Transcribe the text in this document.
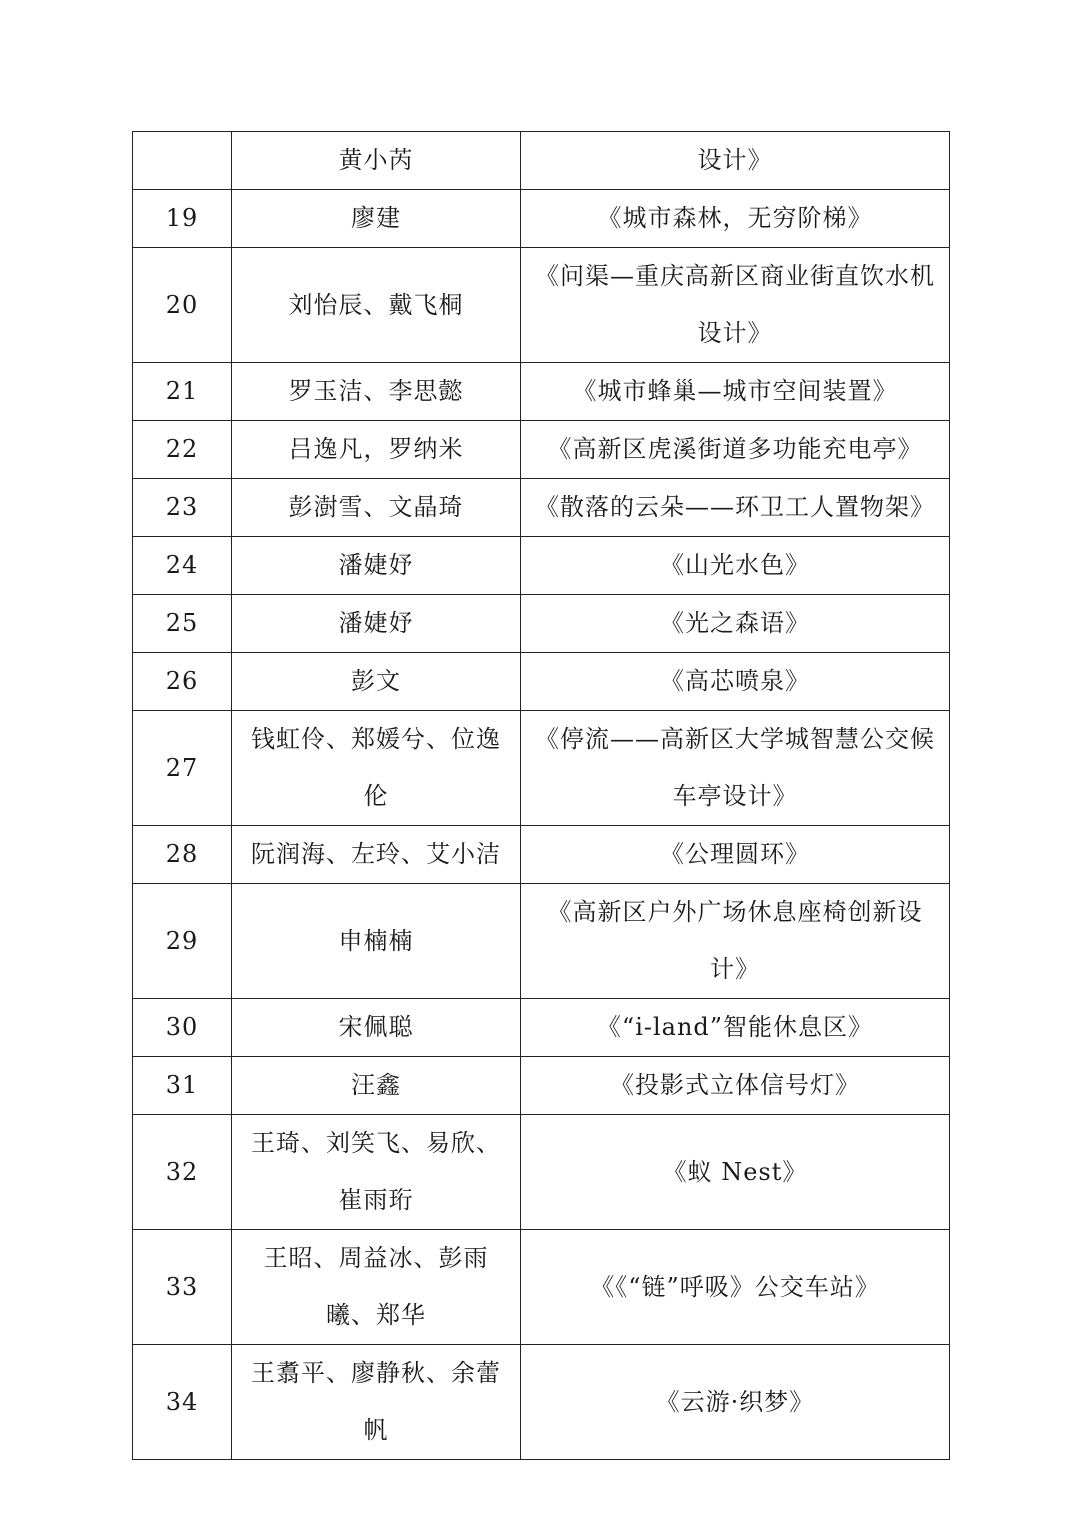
	黄小芮	设计》
19	廖建	《城市森林，无穷阶梯》
20	刘怡辰、戴飞桐	《问渠—重庆高新区商业街直饮水机设计》
21	罗玉洁、李思懿	《城市蜂巢—城市空间装置》
22	吕逸凡，罗纳米	《高新区虎溪街道多功能充电亭》
23	彭澍雪、文晶琦	《散落的云朵——环卫工人置物架》
24	潘婕妤	《山光水色》
25	潘婕妤	《光之森语》
26	彭文	《高芯喷泉》
27	钱虹伶、郑媛兮、位逸伦	《停流——高新区大学城智慧公交候车亭设计》
28	阮润海、左玲、艾小洁	《公理圆环》
29	申楠楠	《高新区户外广场休息座椅创新设计》
30	宋佩聪	《“i-land”智能休息区》
31	汪鑫	《投影式立体信号灯》
32	王琦、刘笑飞、易欣、崔雨珩	《蚁 Nest》
33	王昭、周益冰、彭雨曦、郑华	《《“链”呼吸》公交车站》
34	王翥平、廖静秋、余蕾帆	《云游·织梦》
